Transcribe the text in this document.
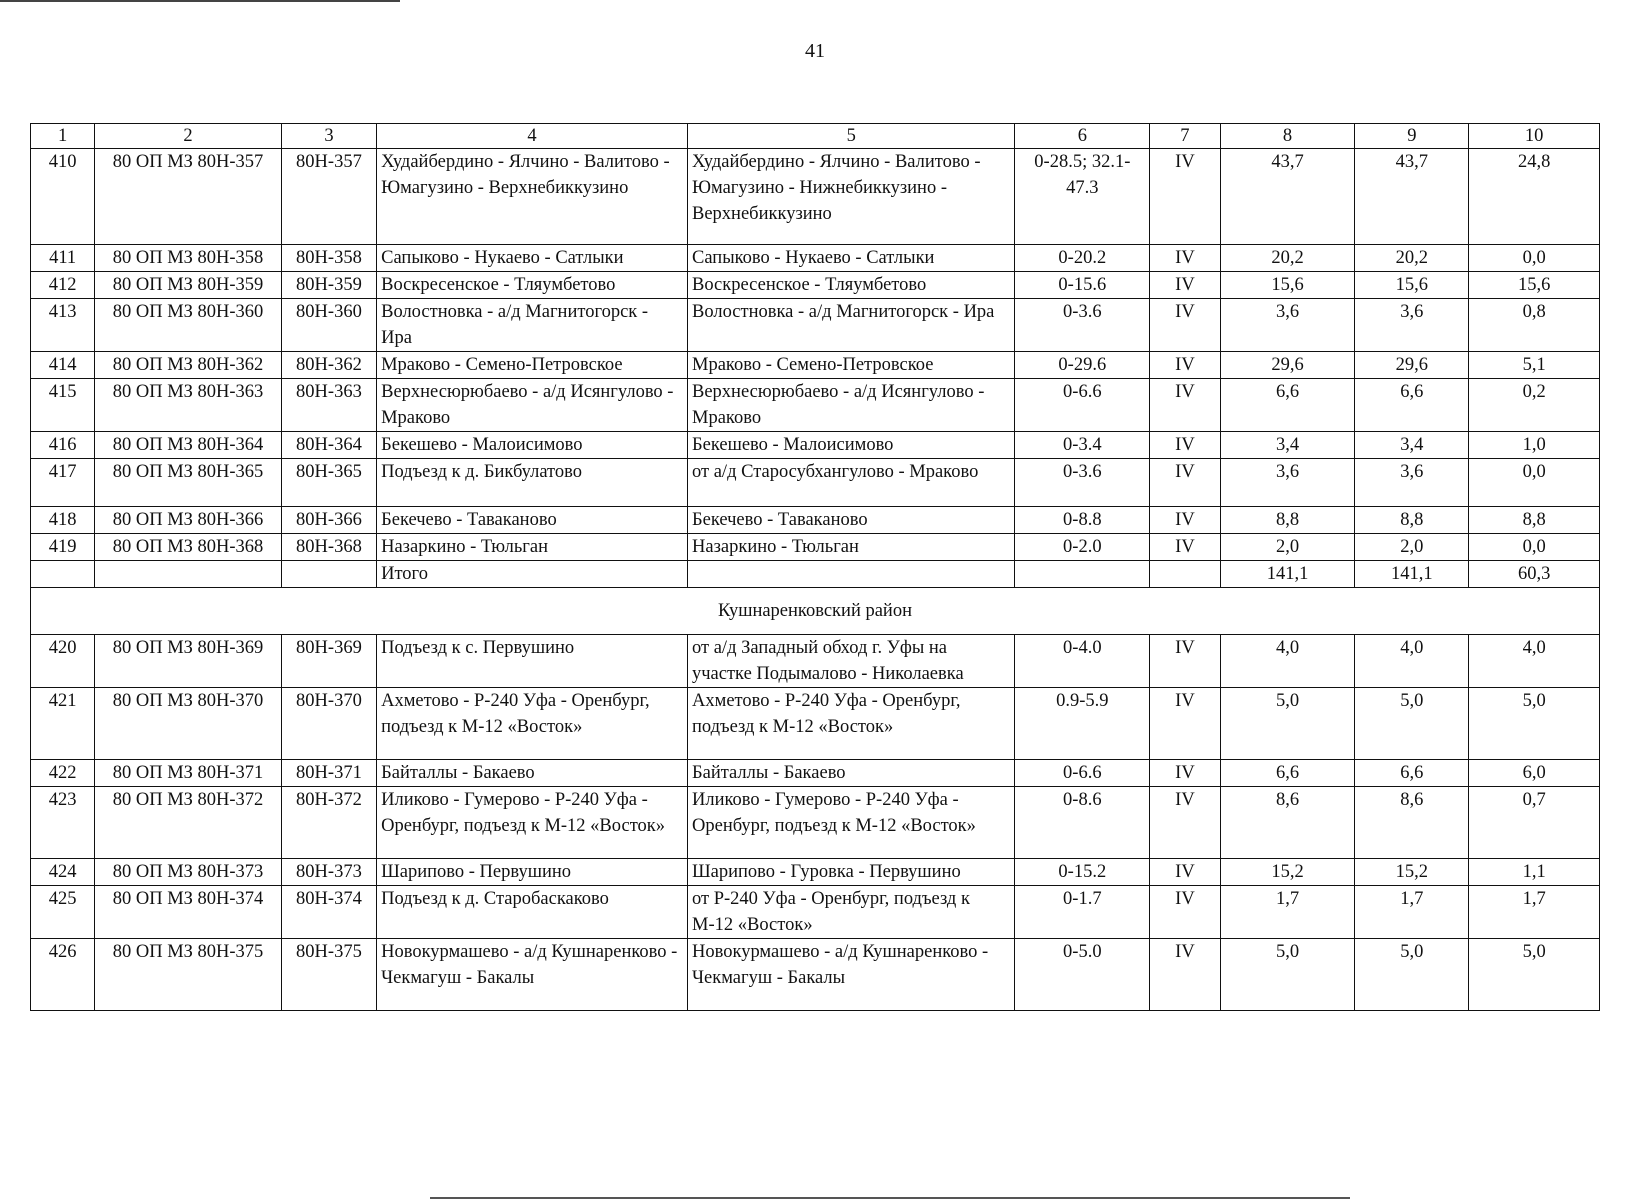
41
1	2	3	4	5	6	7	8	9	10
410	80 ОП МЗ 80Н-357	80Н-357	Худайбердино - Ялчино - Валитово - Юмагузино - Верхнебиккузино	Худайбердино - Ялчино - Валитово - Юмагузино - Нижнебиккузино - Верхнебиккузино	0-28.5; 32.1-47.3	IV	43,7	43,7	24,8
411	80 ОП МЗ 80Н-358	80Н-358	Сапыково - Нукаево - Сатлыки	Сапыково - Нукаево - Сатлыки	0-20.2	IV	20,2	20,2	0,0
412	80 ОП МЗ 80Н-359	80Н-359	Воскресенское - Тляумбетово	Воскресенское - Тляумбетово	0-15.6	IV	15,6	15,6	15,6
413	80 ОП МЗ 80Н-360	80Н-360	Волостновка - а/д Магнитогорск - Ира	Волостновка - а/д Магнитогорск - Ира	0-3.6	IV	3,6	3,6	0,8
414	80 ОП МЗ 80Н-362	80Н-362	Мраково - Семено-Петровское	Мраково - Семено-Петровское	0-29.6	IV	29,6	29,6	5,1
415	80 ОП МЗ 80Н-363	80Н-363	Верхнесюрюбаево - а/д Исянгулово - Мраково	Верхнесюрюбаево - а/д Исянгулово - Мраково	0-6.6	IV	6,6	6,6	0,2
416	80 ОП МЗ 80Н-364	80Н-364	Бекешево - Малоисимово	Бекешево - Малоисимово	0-3.4	IV	3,4	3,4	1,0
417	80 ОП МЗ 80Н-365	80Н-365	Подъезд к д. Бикбулатово	от а/д Старосубхангулово - Мраково	0-3.6	IV	3,6	3,6	0,0
418	80 ОП МЗ 80Н-366	80Н-366	Бекечево - Таваканово	Бекечево - Таваканово	0-8.8	IV	8,8	8,8	8,8
419	80 ОП МЗ 80Н-368	80Н-368	Назаркино - Тюльган	Назаркино - Тюльган	0-2.0	IV	2,0	2,0	0,0
			Итого				141,1	141,1	60,3
Кушнаренковский район									
420	80 ОП МЗ 80Н-369	80Н-369	Подъезд к с. Первушино	от а/д Западный обход г. Уфы на участке Подымалово - Николаевка	0-4.0	IV	4,0	4,0	4,0
421	80 ОП МЗ 80Н-370	80Н-370	Ахметово - Р-240 Уфа - Оренбург, подъезд к М-12 «Восток»	Ахметово - Р-240 Уфа - Оренбург, подъезд к М-12 «Восток»	0.9-5.9	IV	5,0	5,0	5,0
422	80 ОП МЗ 80Н-371	80Н-371	Байталлы - Бакаево	Байталлы - Бакаево	0-6.6	IV	6,6	6,6	6,0
423	80 ОП МЗ 80Н-372	80Н-372	Иликово - Гумерово - Р-240 Уфа - Оренбург, подъезд к М-12 «Восток»	Иликово - Гумерово - Р-240 Уфа - Оренбург, подъезд к М-12 «Восток»	0-8.6	IV	8,6	8,6	0,7
424	80 ОП МЗ 80Н-373	80Н-373	Шарипово - Первушино	Шарипово - Гуровка - Первушино	0-15.2	IV	15,2	15,2	1,1
425	80 ОП МЗ 80Н-374	80Н-374	Подъезд к д. Старобаскаково	от Р-240 Уфа - Оренбург, подъезд к М-12 «Восток»	0-1.7	IV	1,7	1,7	1,7
426	80 ОП МЗ 80Н-375	80Н-375	Новокурмашево - а/д Кушнаренково - Чекмагуш - Бакалы	Новокурмашево - а/д Кушнаренково - Чекмагуш - Бакалы	0-5.0	IV	5,0	5,0	5,0
